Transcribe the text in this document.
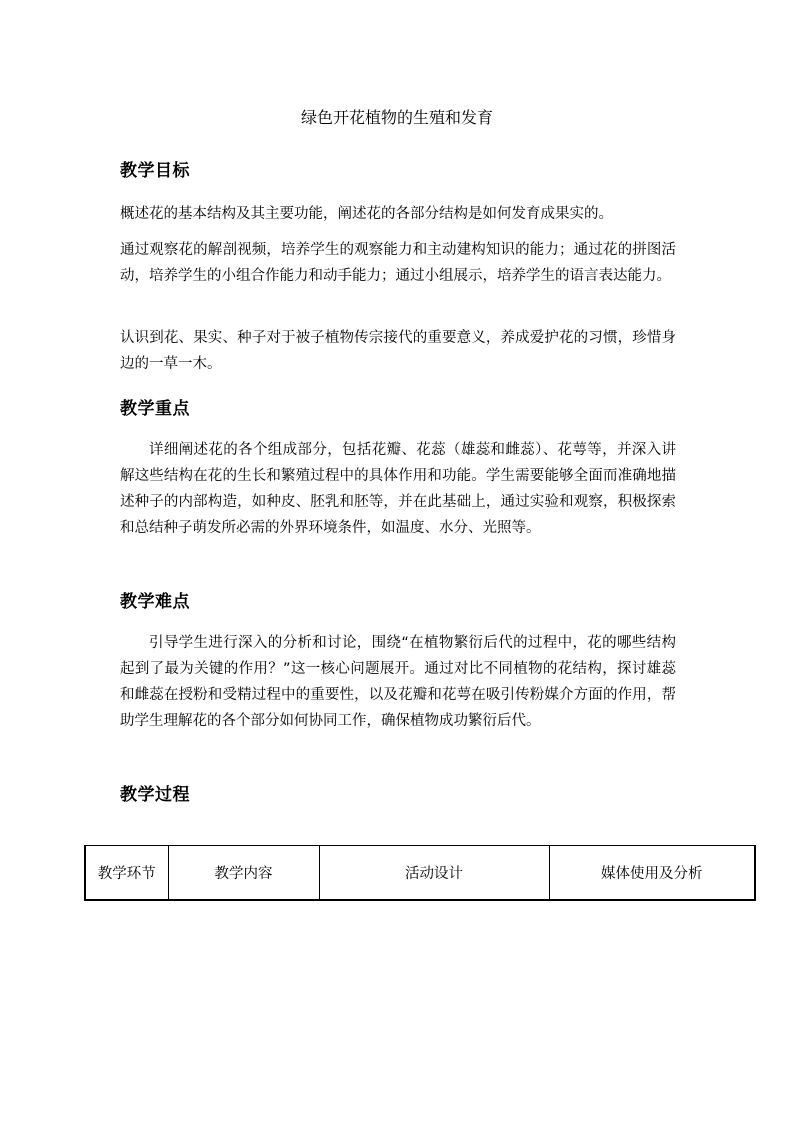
绿色开花植物的生殖和发育
教学目标

概述花的基本结构及其主要功能，阐述花的各部分结构是如何发育成果实的。

通过观察花的解剖视频，培养学生的观察能力和主动建构知识的能力；通过花的拼图活动，培养学生的小组合作能力和动手能力；通过小组展示，培养学生的语言表达能力。

认识到花、果实、种子对于被子植物传宗接代的重要意义，养成爱护花的习惯，珍惜身边的一草一木。

教学重点

详细阐述花的各个组成部分，包括花瓣、花蕊（雄蕊和雌蕊）、花萼等，并深入讲解这些结构在花的生长和繁殖过程中的具体作用和功能。学生需要能够全面而准确地描述种子的内部构造，如种皮、胚乳和胚等，并在此基础上，通过实验和观察，积极探索和总结种子萌发所必需的外界环境条件，如温度、水分、光照等。

教学难点

引导学生进行深入的分析和讨论，围绕“在植物繁衍后代的过程中，花的哪些结构起到了最为关键的作用？”这一核心问题展开。通过对比不同植物的花结构，探讨雄蕊和雌蕊在授粉和受精过程中的重要性，以及花瓣和花萼在吸引传粉媒介方面的作用，帮助学生理解花的各个部分如何协同工作，确保植物成功繁衍后代。

教学过程
教学环节	教学内容	活动设计	媒体使用及分析
